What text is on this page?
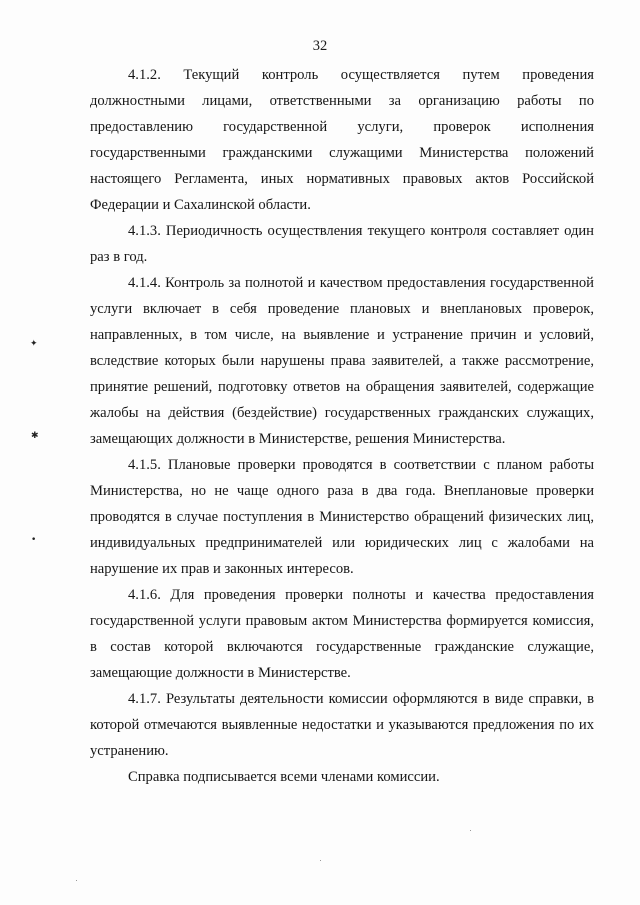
32

4.1.2. Текущий контроль осуществляется путем проведения должностными лицами, ответственными за организацию работы по предоставлению государственной услуги, проверок исполнения государственными гражданскими служащими Министерства положений настоящего Регламента, иных нормативных правовых актов Российской Федерации и Сахалинской области.

4.1.3. Периодичность осуществления текущего контроля составляет один раз в год.

4.1.4. Контроль за полнотой и качеством предоставления государственной услуги включает в себя проведение плановых и внеплановых проверок, направленных, в том числе, на выявление и устранение причин и условий, вследствие которых были нарушены права заявителей, а также рассмотрение, принятие решений, подготовку ответов на обращения заявителей, содержащие жалобы на действия (бездействие) государственных гражданских служащих, замещающих должности в Министерстве, решения Министерства.

4.1.5. Плановые проверки проводятся в соответствии с планом работы Министерства, но не чаще одного раза в два года. Внеплановые проверки проводятся в случае поступления в Министерство обращений физических лиц, индивидуальных предпринимателей или юридических лиц с жалобами на нарушение их прав и законных интересов.

4.1.6. Для проведения проверки полноты и качества предоставления государственной услуги правовым актом Министерства формируется комиссия, в состав которой включаются государственные гражданские служащие, замещающие должности в Министерстве.

4.1.7. Результаты деятельности комиссии оформляются в виде справки, в которой отмечаются выявленные недостатки и указываются предложения по их устранению.

Справка подписывается всеми членами комиссии.

✦
✱
•
